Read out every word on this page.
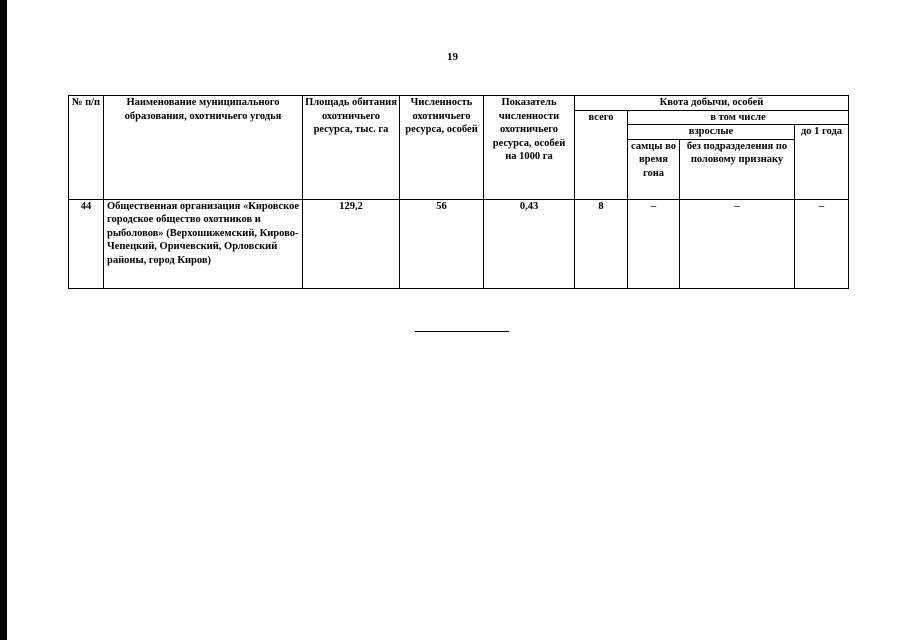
19
№ п/п	Наименование муниципального образования, охотничьего угодья	Площадь обитания охотничьего ресурса, тыс. га	Численность охотничьего ресурса, особей	Показатель численности охотничьего ресурса, особей на 1000 га	Квота добычи, особей			
					всего	в том числе		
						взрослые		до 1 года
						самцы во время гона	без подразделения по половому признаку	
44	Общественная организация «Кировское городское общество охотников и рыболовов» (Верхошижемский, Кирово-Чепецкий, Оричевский, Орловский районы, город Киров)	129,2	56	0,43	8	–	–	–
